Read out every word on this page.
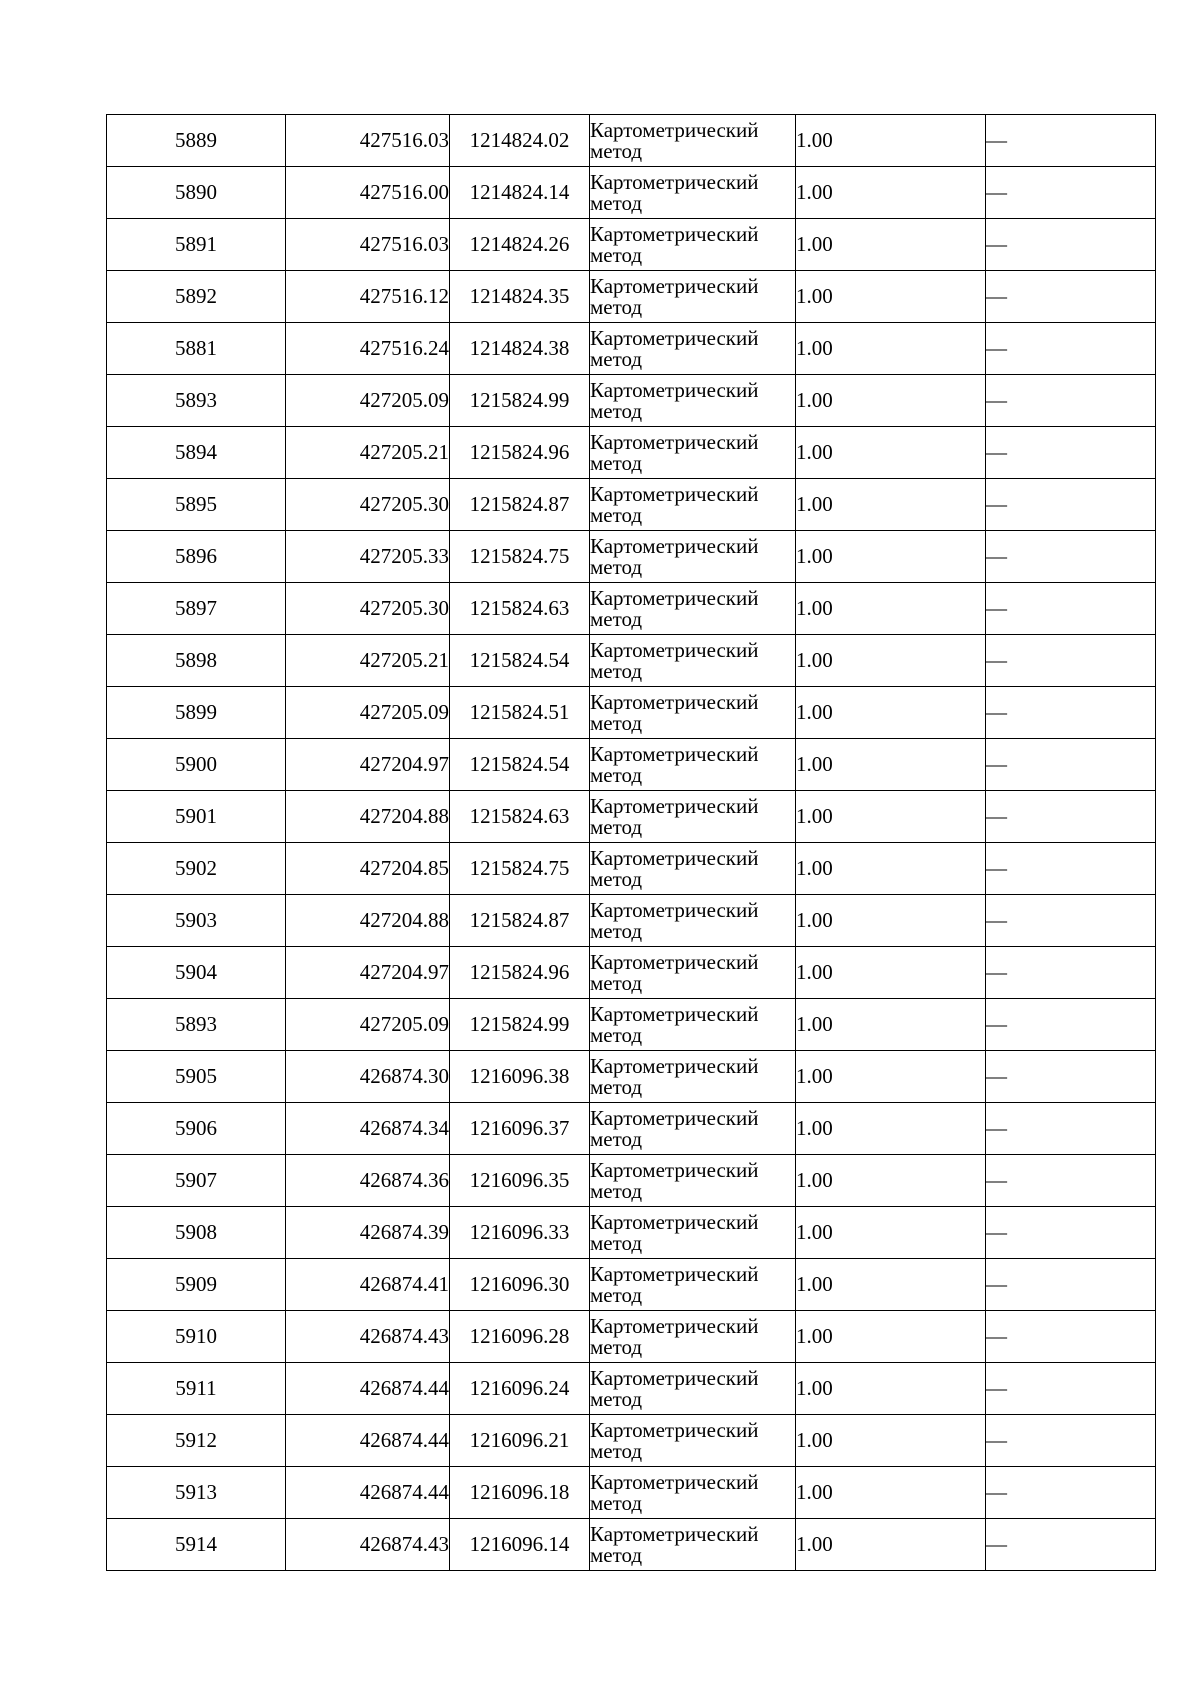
5889	427516.03	1214824.02	Картометрический
метод	1.00	—
5890	427516.00	1214824.14	Картометрический
метод	1.00	—
5891	427516.03	1214824.26	Картометрический
метод	1.00	—
5892	427516.12	1214824.35	Картометрический
метод	1.00	—
5881	427516.24	1214824.38	Картометрический
метод	1.00	—
5893	427205.09	1215824.99	Картометрический
метод	1.00	—
5894	427205.21	1215824.96	Картометрический
метод	1.00	—
5895	427205.30	1215824.87	Картометрический
метод	1.00	—
5896	427205.33	1215824.75	Картометрический
метод	1.00	—
5897	427205.30	1215824.63	Картометрический
метод	1.00	—
5898	427205.21	1215824.54	Картометрический
метод	1.00	—
5899	427205.09	1215824.51	Картометрический
метод	1.00	—
5900	427204.97	1215824.54	Картометрический
метод	1.00	—
5901	427204.88	1215824.63	Картометрический
метод	1.00	—
5902	427204.85	1215824.75	Картометрический
метод	1.00	—
5903	427204.88	1215824.87	Картометрический
метод	1.00	—
5904	427204.97	1215824.96	Картометрический
метод	1.00	—
5893	427205.09	1215824.99	Картометрический
метод	1.00	—
5905	426874.30	1216096.38	Картометрический
метод	1.00	—
5906	426874.34	1216096.37	Картометрический
метод	1.00	—
5907	426874.36	1216096.35	Картометрический
метод	1.00	—
5908	426874.39	1216096.33	Картометрический
метод	1.00	—
5909	426874.41	1216096.30	Картометрический
метод	1.00	—
5910	426874.43	1216096.28	Картометрический
метод	1.00	—
5911	426874.44	1216096.24	Картометрический
метод	1.00	—
5912	426874.44	1216096.21	Картометрический
метод	1.00	—
5913	426874.44	1216096.18	Картометрический
метод	1.00	—
5914	426874.43	1216096.14	Картометрический
метод	1.00	—
